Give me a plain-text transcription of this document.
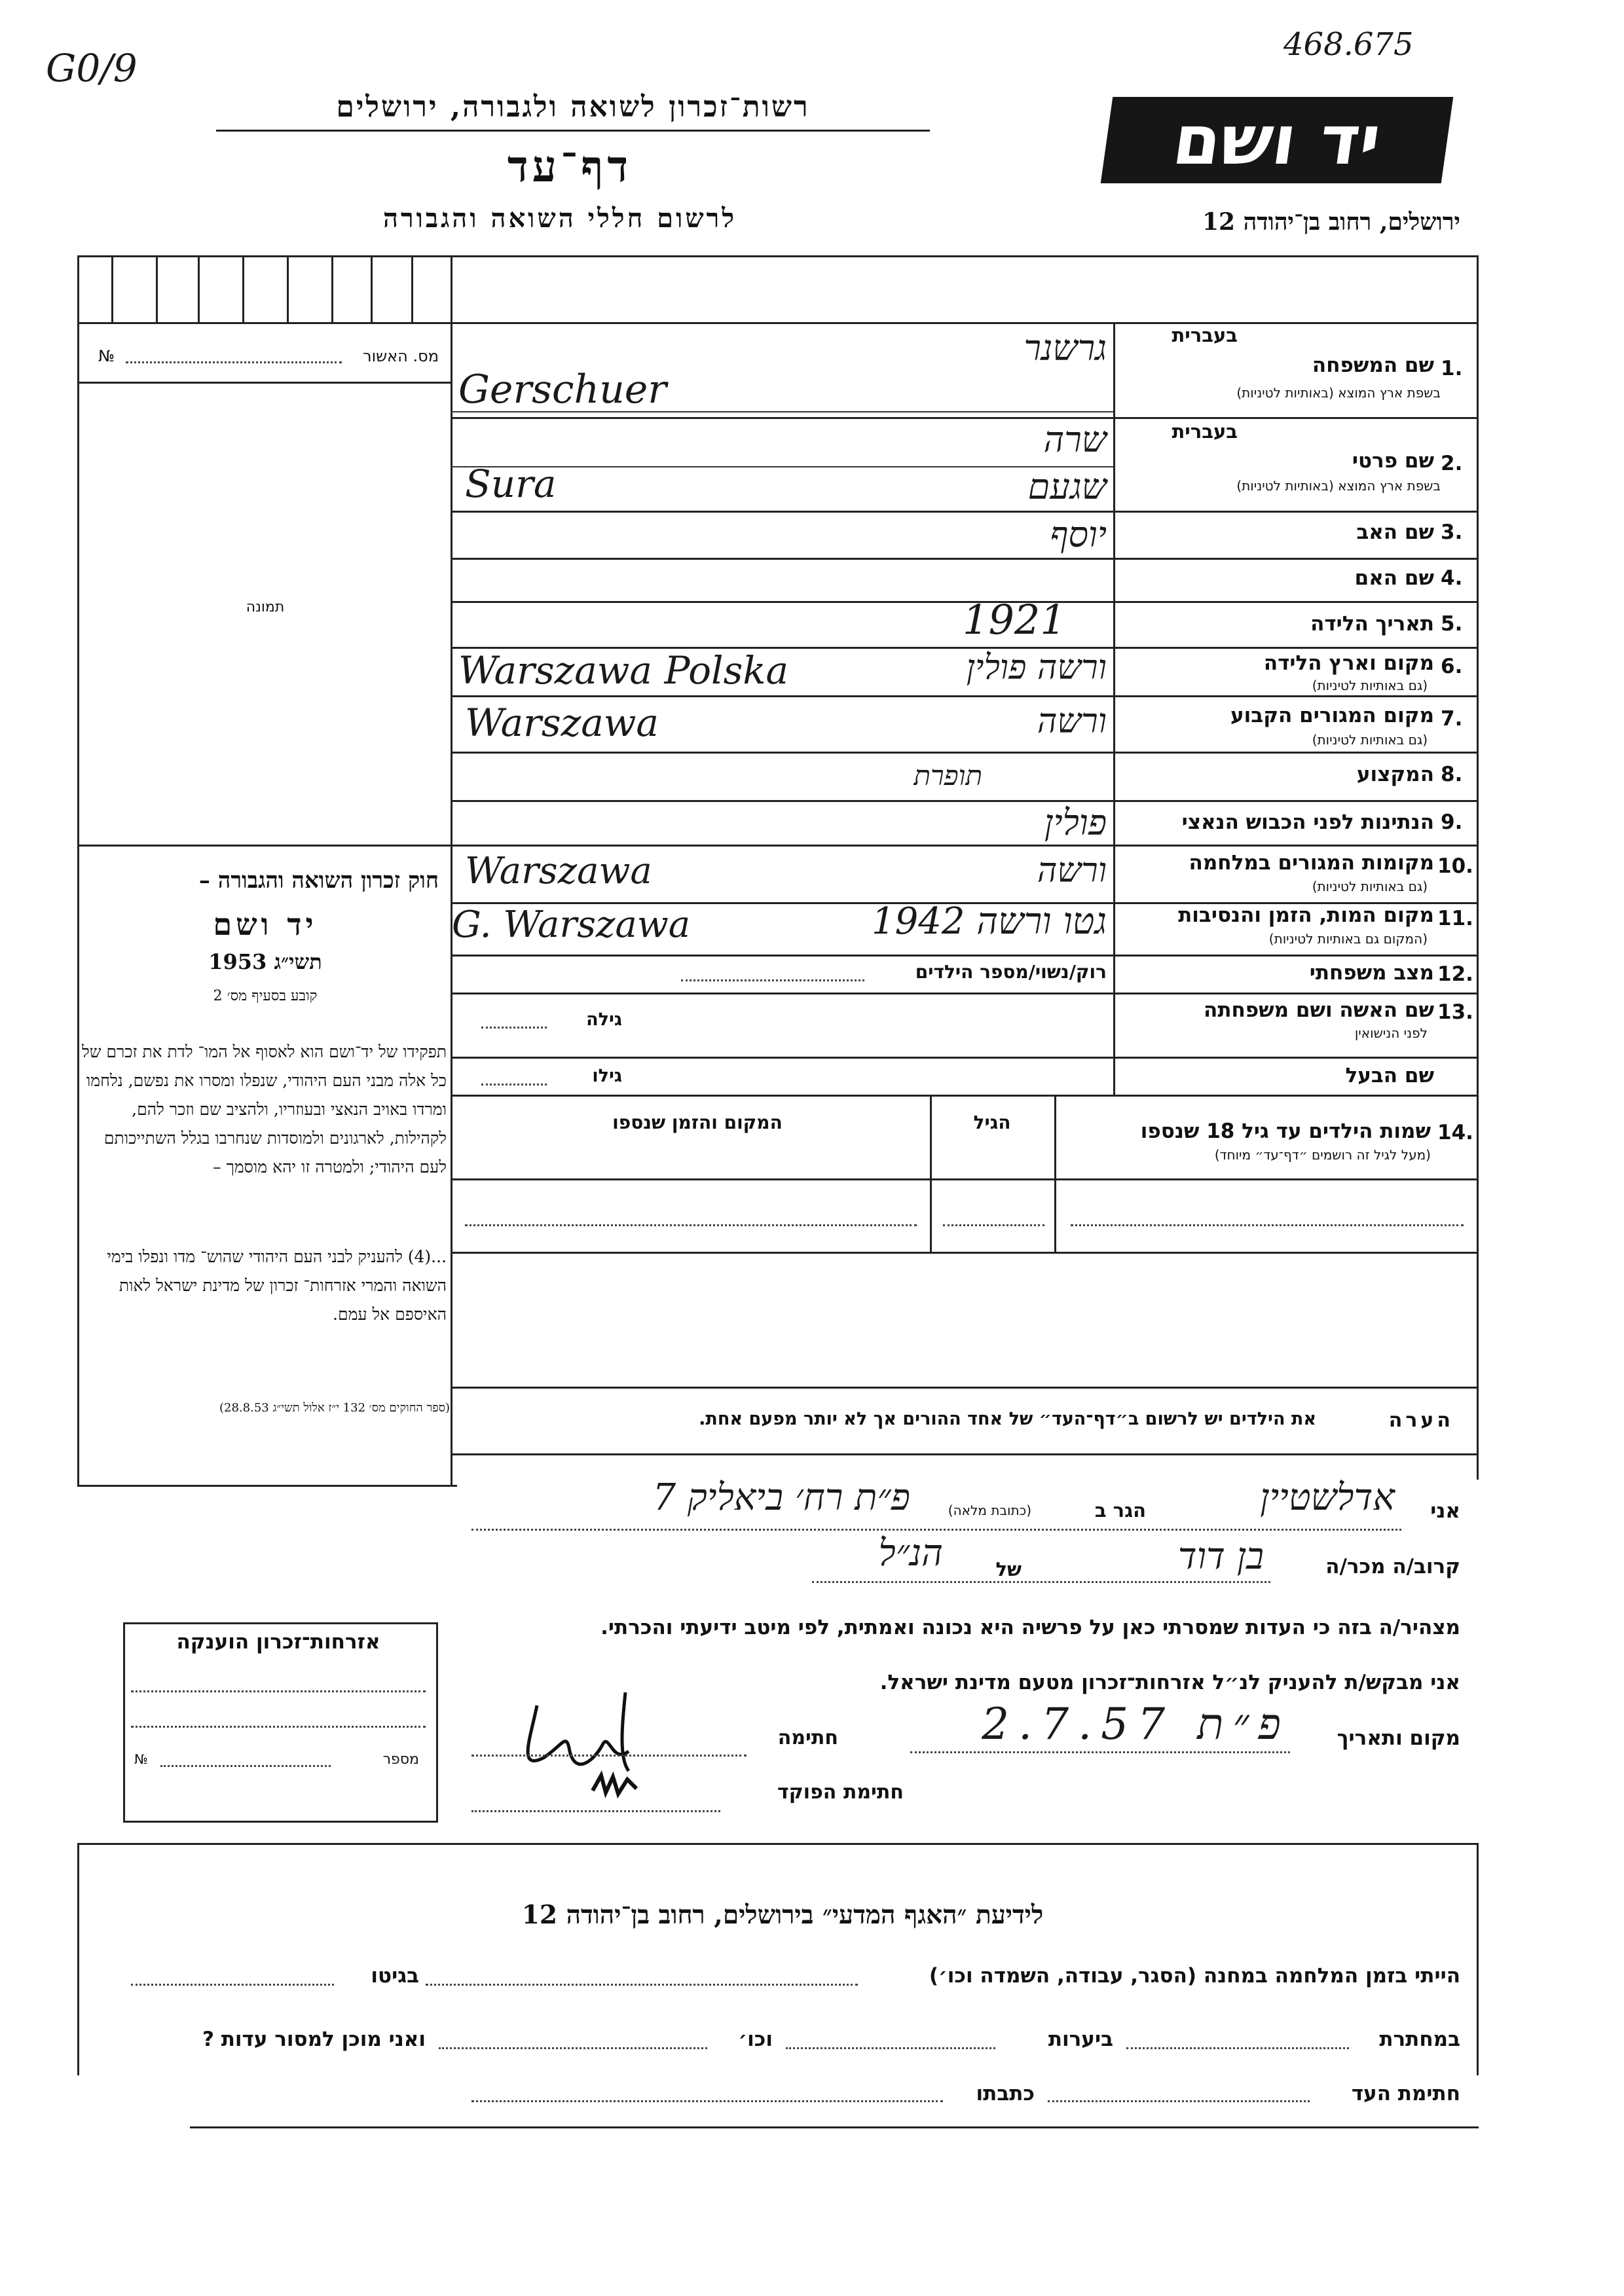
G0/9
468.675
רשות־זכרון לשואה ולגבורה, ירושלים
דף־עד
לרשום חללי השואה והגבורה
יד ושם
ירושלים, רחוב בן־יהודה 12
№	מס. האשור
תמונה
חוק זכרון השואה והגבורה –
יד ושם
תשי״ג 1953
קובע בסעיף מס׳ 2
תפקידו של יד־ושם הוא לאסוף אל המו־ לדת את זכרם של כל אלה מבני העם היהודי, שנפלו ומסרו את נפשם, נלחמו ומרדו באויב הנאצי ובעוזריו, ולהציב שם וזכר להם, לקהילות, לארגונים ולמוסדות שנחרבו בגלל השתייכותם לעם היהודי; ולמטרה זו יהא מוסמך –
...(4) להעניק לבני העם היהודי שהוש־ מדו ונפלו בימי השואה והמרי אזרחות־ זכרון של מדינת ישראל לאות האיספם אל עמם.
(ספר החוקים מס׳ 132 י״ז אלול תשי״ג 28.8.53)
1.
שם המשפחה
בעברית
בשפת ארץ המוצא (באותיות לטיניות)
גרשנר
Gerschuer
2.
שם פרטי
בעברית
בשפת ארץ המוצא (באותיות לטיניות)
שרה
שגעם
Sura
3.
שם האב
יוסף
4.
שם האם
5.
תאריך הלידה
1921
6.
מקום וארץ הלידה
(גם באותיות לטיניות)
ורשה פולין
Warszawa Polska
7.
מקום המגורים הקבוע
(גם באותיות לטיניות)
ורשה
Warszawa
8.
המקצוע
תופרת
9.
הנתינות לפני הכבוש הנאצי
פולין
10.
מקומות המגורים במלחמה
(גם באותיות לטיניות)
ורשה
Warszawa
11.
מקום המות, הזמן והנסיבות
(המקום גם באותיות לטיניות)
גטו ורשה 1942
G. Warszawa
12.
מצב משפחתי
רוק/נשוי/מספר הילדים
13.
שם האשה ושם משפחתה
לפני הנישואין
גילה
שם הבעל
גילו
14.
שמות הילדים עד גיל 18 שנספו
(מעל לגיל זה רושמים ״דף־עד״ מיוחד)
הגיל
המקום והזמן שנספו
הערה
את הילדים יש לרשום ב״דף־העד״ של אחד ההורים אך לא יותר מפעם אחת.
אני
אדלשטיין
הגר ב
(כתובת מלאה)
פ״ת רח׳ ביאליק 7
קרוב/ה מכר/ה
בן דוד
של
הנ״ל
מצהיר/ה בזה כי העדות שמסרתי כאן על פרשיה היא נכונה ואמתית, לפי מיטב ידיעתי והכרתי.
אני מבקש/ת להעניק לנ״ל אזרחות־זכרון מטעם מדינת ישראל.
מקום ותאריך
פ״ת 2.7.57
חתימה
חתימת הפוקד
אזרחות־זכרון הוענקה
№	מספר
לידיעת ״האגף המדעי״ בירושלים, רחוב בן־יהודה 12
הייתי בזמן המלחמה במחנה (הסגר, עבודה, השמדה וכו׳)
בגיטו
במחתרת
ביערות
וכו׳
ואני מוכן למסור עדות ?
חתימת העד
כתבתו
